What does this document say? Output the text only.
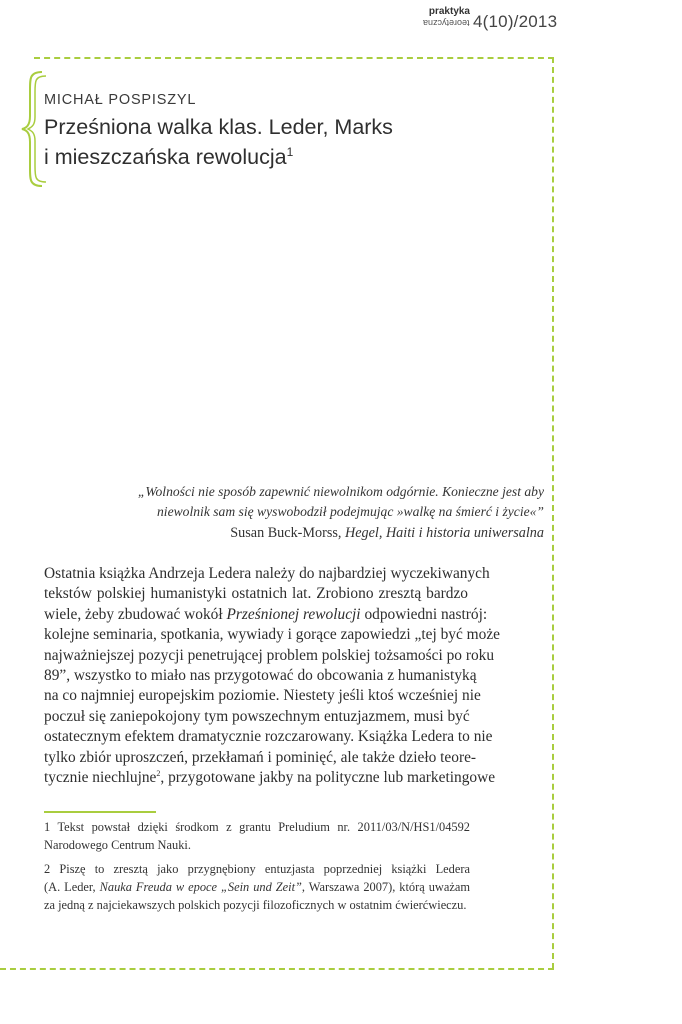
praktyka
teoretyczna 4(10)/2013
MICHAŁ POSPISZYL
Prześniona walka klas. Leder, Marks
i mieszczańska rewolucja$^1$
„Wolności nie sposób zapewnić niewolnikom odgórnie. Konieczne jest aby
niewolnik sam się wyswobodził podejmując »walkę na śmierć i życie«”
Susan Buck-Morss, Hegel, Haiti i historia uniwersalna
Ostatnia książka Andrzeja Ledera należy do najbardziej wyczekiwanych
tekstów polskiej humanistyki ostatnich lat. Zrobiono zresztą bardzo
wiele, żeby zbudować wokół Prześnionej rewolucji odpowiedni nastrój:
kolejne seminaria, spotkania, wywiady i gorące zapowiedzi „tej być może
najważniejszej pozycji penetrującej problem polskiej tożsamości po roku
89”, wszystko to miało nas przygotować do obcowania z humanistyką
na co najmniej europejskim poziomie. Niestety jeśli ktoś wcześniej nie
poczuł się zaniepokojony tym powszechnym entuzjazmem, musi być
ostatecznym efektem dramatycznie rozczarowany. Książka Ledera to nie
tylko zbiór uproszczeń, przekłamań i pominięć, ale także dzieło teore-
tycznie niechlujne$^2$, przygotowane jakby na polityczne lub marketingowe
1 Tekst powstał dzięki środkom z grantu Preludium nr. 2011/03/N/HS1/04592
Narodowego Centrum Nauki.
2 Piszę to zresztą jako przygnębiony entuzjasta poprzedniej książki Ledera
(A. Leder, Nauka Freuda w epoce „Sein und Zeit”, Warszawa 2007), którą uważam
za jedną z najciekawszych polskich pozycji filozoficznych w ostatnim ćwierćwieczu.
